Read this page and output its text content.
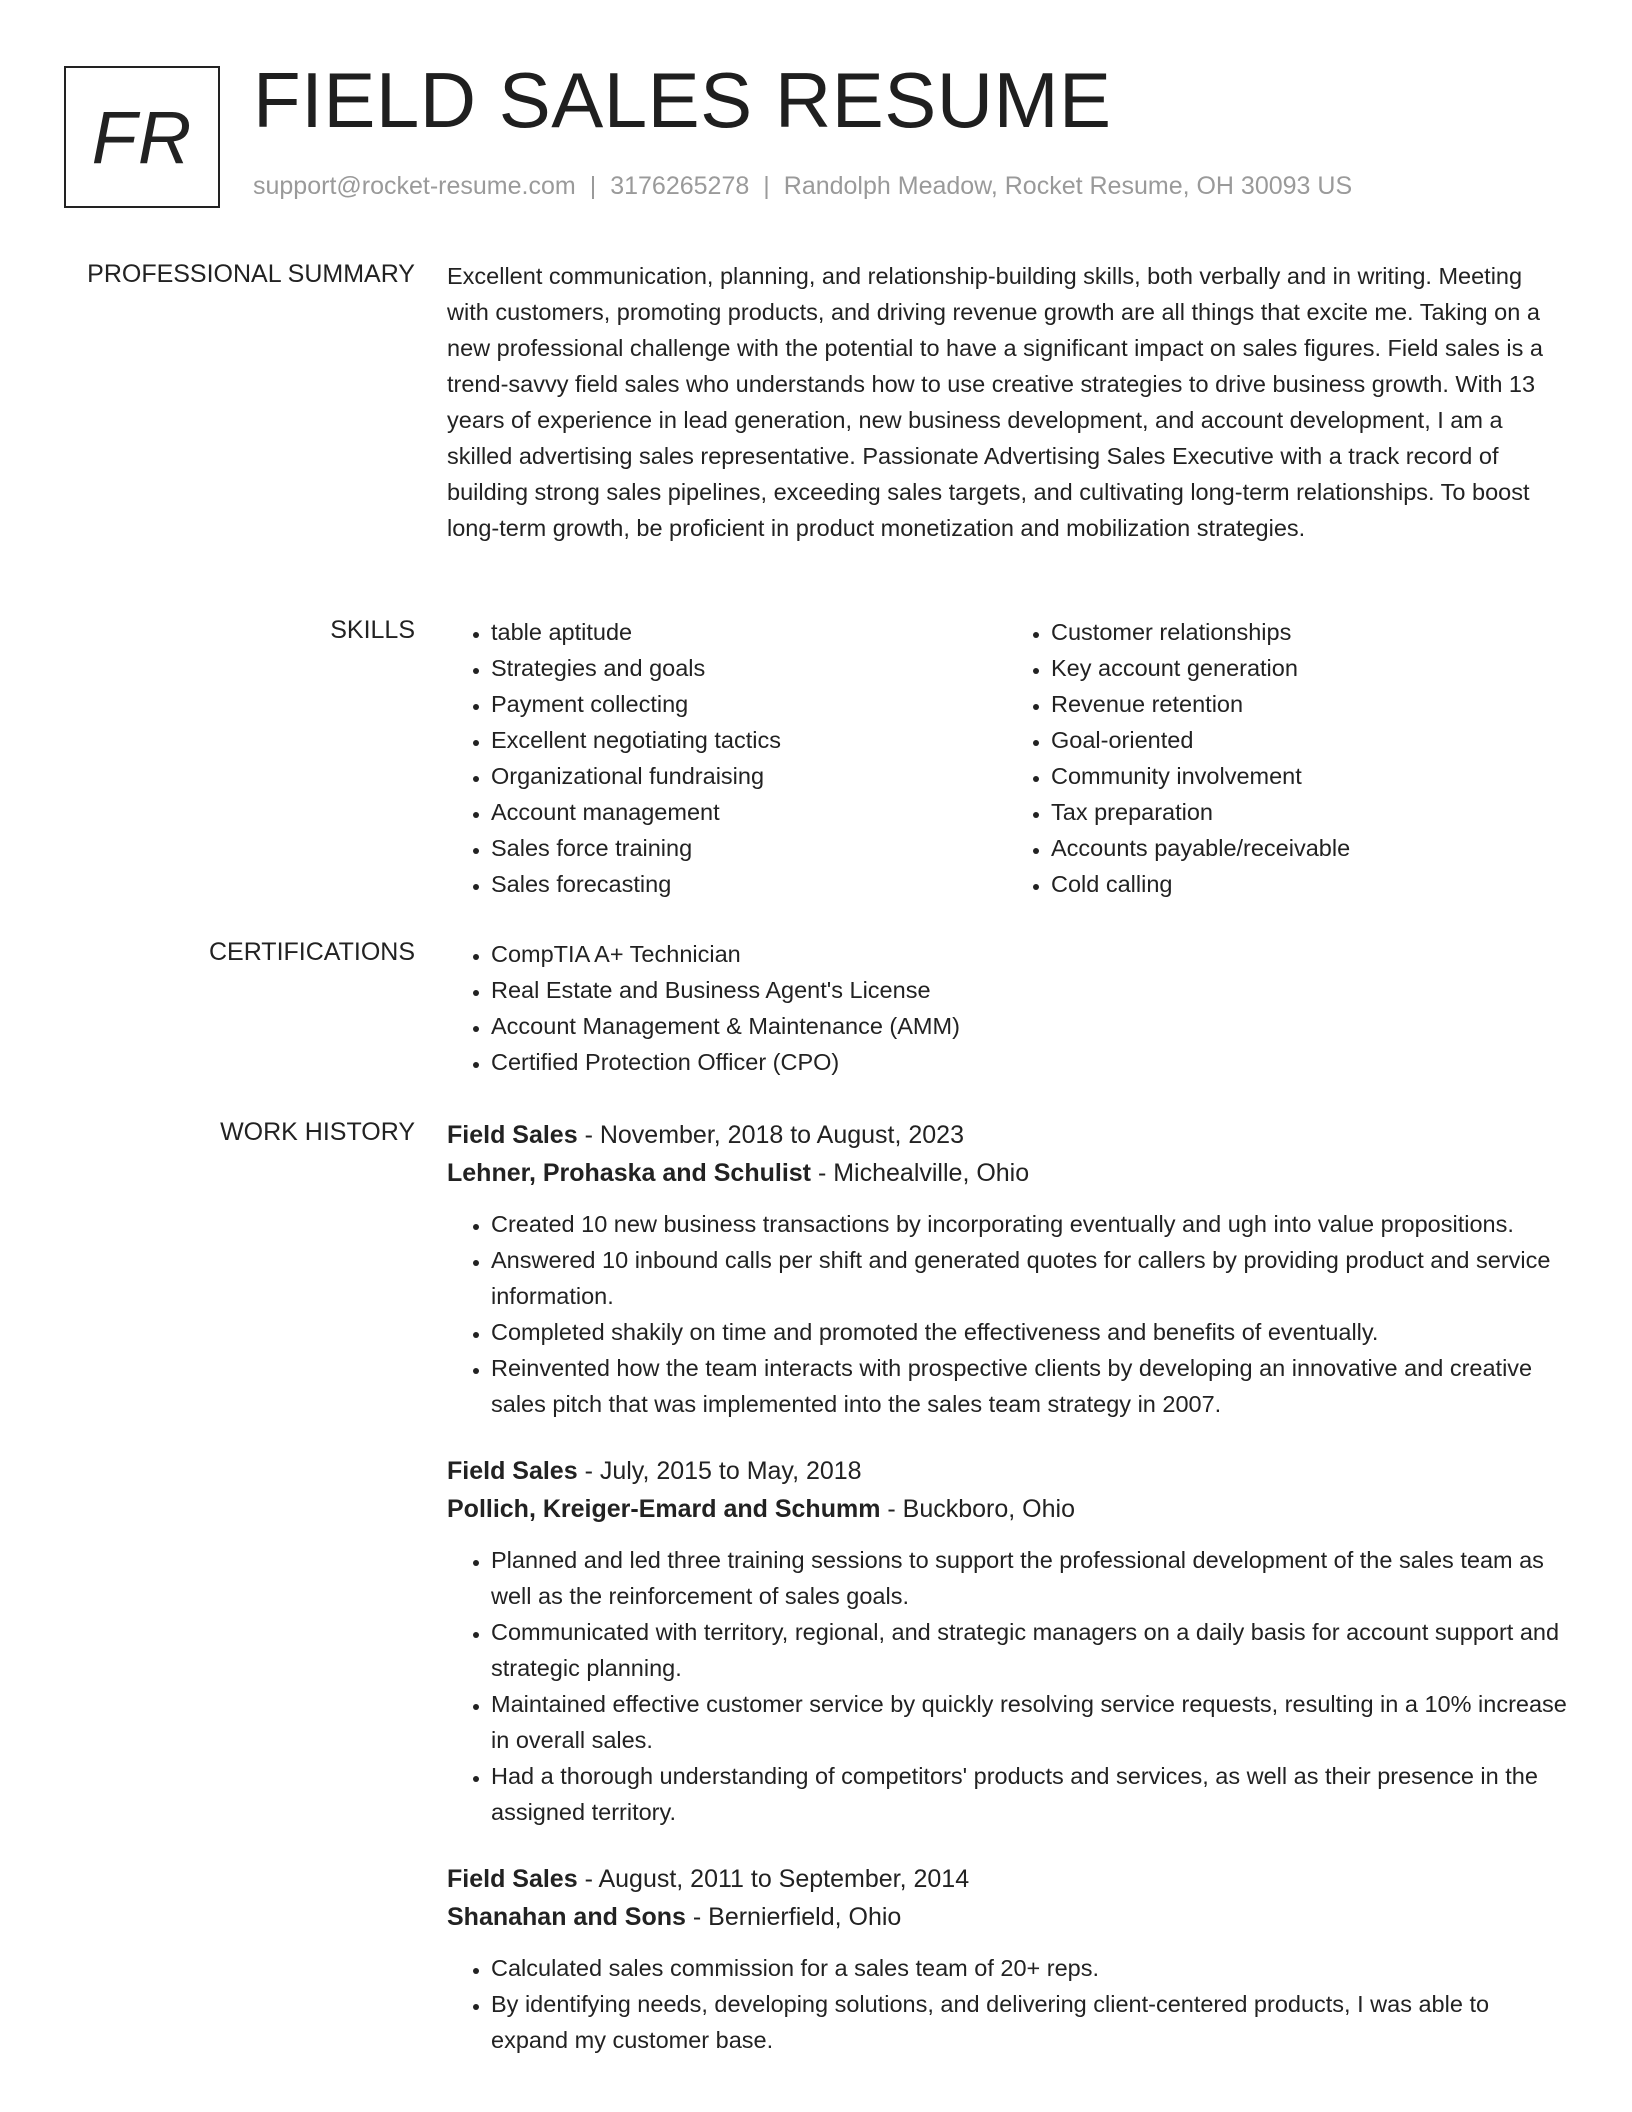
FR FIELD SALES RESUME
support@rocket-resume.com | 3176265278 | Randolph Meadow, Rocket Resume, OH 30093 US
PROFESSIONAL SUMMARY Excellent communication, planning, and relationship-building skills, both verbally and in writing. Meeting with customers, promoting products, and driving revenue growth are all things that excite me. Taking on a new professional challenge with the potential to have a significant impact on sales figures. Field sales is a trend-savvy field sales who understands how to use creative strategies to drive business growth. With 13 years of experience in lead generation, new business development, and account development, I am a skilled advertising sales representative. Passionate Advertising Sales Executive with a track record of building strong sales pipelines, exceeding sales targets, and cultivating long-term relationships. To boost long-term growth, be proficient in product monetization and mobilization strategies.
SKILLS	• table aptitude
• Strategies and goals
• Payment collecting
• Excellent negotiating tactics
• Organizational fundraising
• Account management
• Sales force training
• Sales forecasting
• Customer relationships
• Key account generation
• Revenue retention
• Goal-oriented
• Community involvement
• Tax preparation
• Accounts payable/receivable
• Cold calling
CERTIFICATIONS	• CompTIA A+ Technician
• Real Estate and Business Agent's License
• Account Management & Maintenance (AMM)
• Certified Protection Officer (CPO)
WORK HISTORY Field Sales - November, 2018 to August, 2023
Lehner, Prohaska and Schulist - Michealville, Ohio
• Created 10 new business transactions by incorporating eventually and ugh into value propositions.
• Answered 10 inbound calls per shift and generated quotes for callers by providing product and service information.
• Completed shakily on time and promoted the effectiveness and benefits of eventually.
• Reinvented how the team interacts with prospective clients by developing an innovative and creative sales pitch that was implemented into the sales team strategy in 2007.
Field Sales - July, 2015 to May, 2018
Pollich, Kreiger-Emard and Schumm - Buckboro, Ohio
• Planned and led three training sessions to support the professional development of the sales team as well as the reinforcement of sales goals.
• Communicated with territory, regional, and strategic managers on a daily basis for account support and strategic planning.
• Maintained effective customer service by quickly resolving service requests, resulting in a 10% increase in overall sales.
• Had a thorough understanding of competitors' products and services, as well as their presence in the assigned territory.
Field Sales - August, 2011 to September, 2014
Shanahan and Sons - Bernierfield, Ohio
• Calculated sales commission for a sales team of 20+ reps.
• By identifying needs, developing solutions, and delivering client-centered products, I was able to expand my customer base.
